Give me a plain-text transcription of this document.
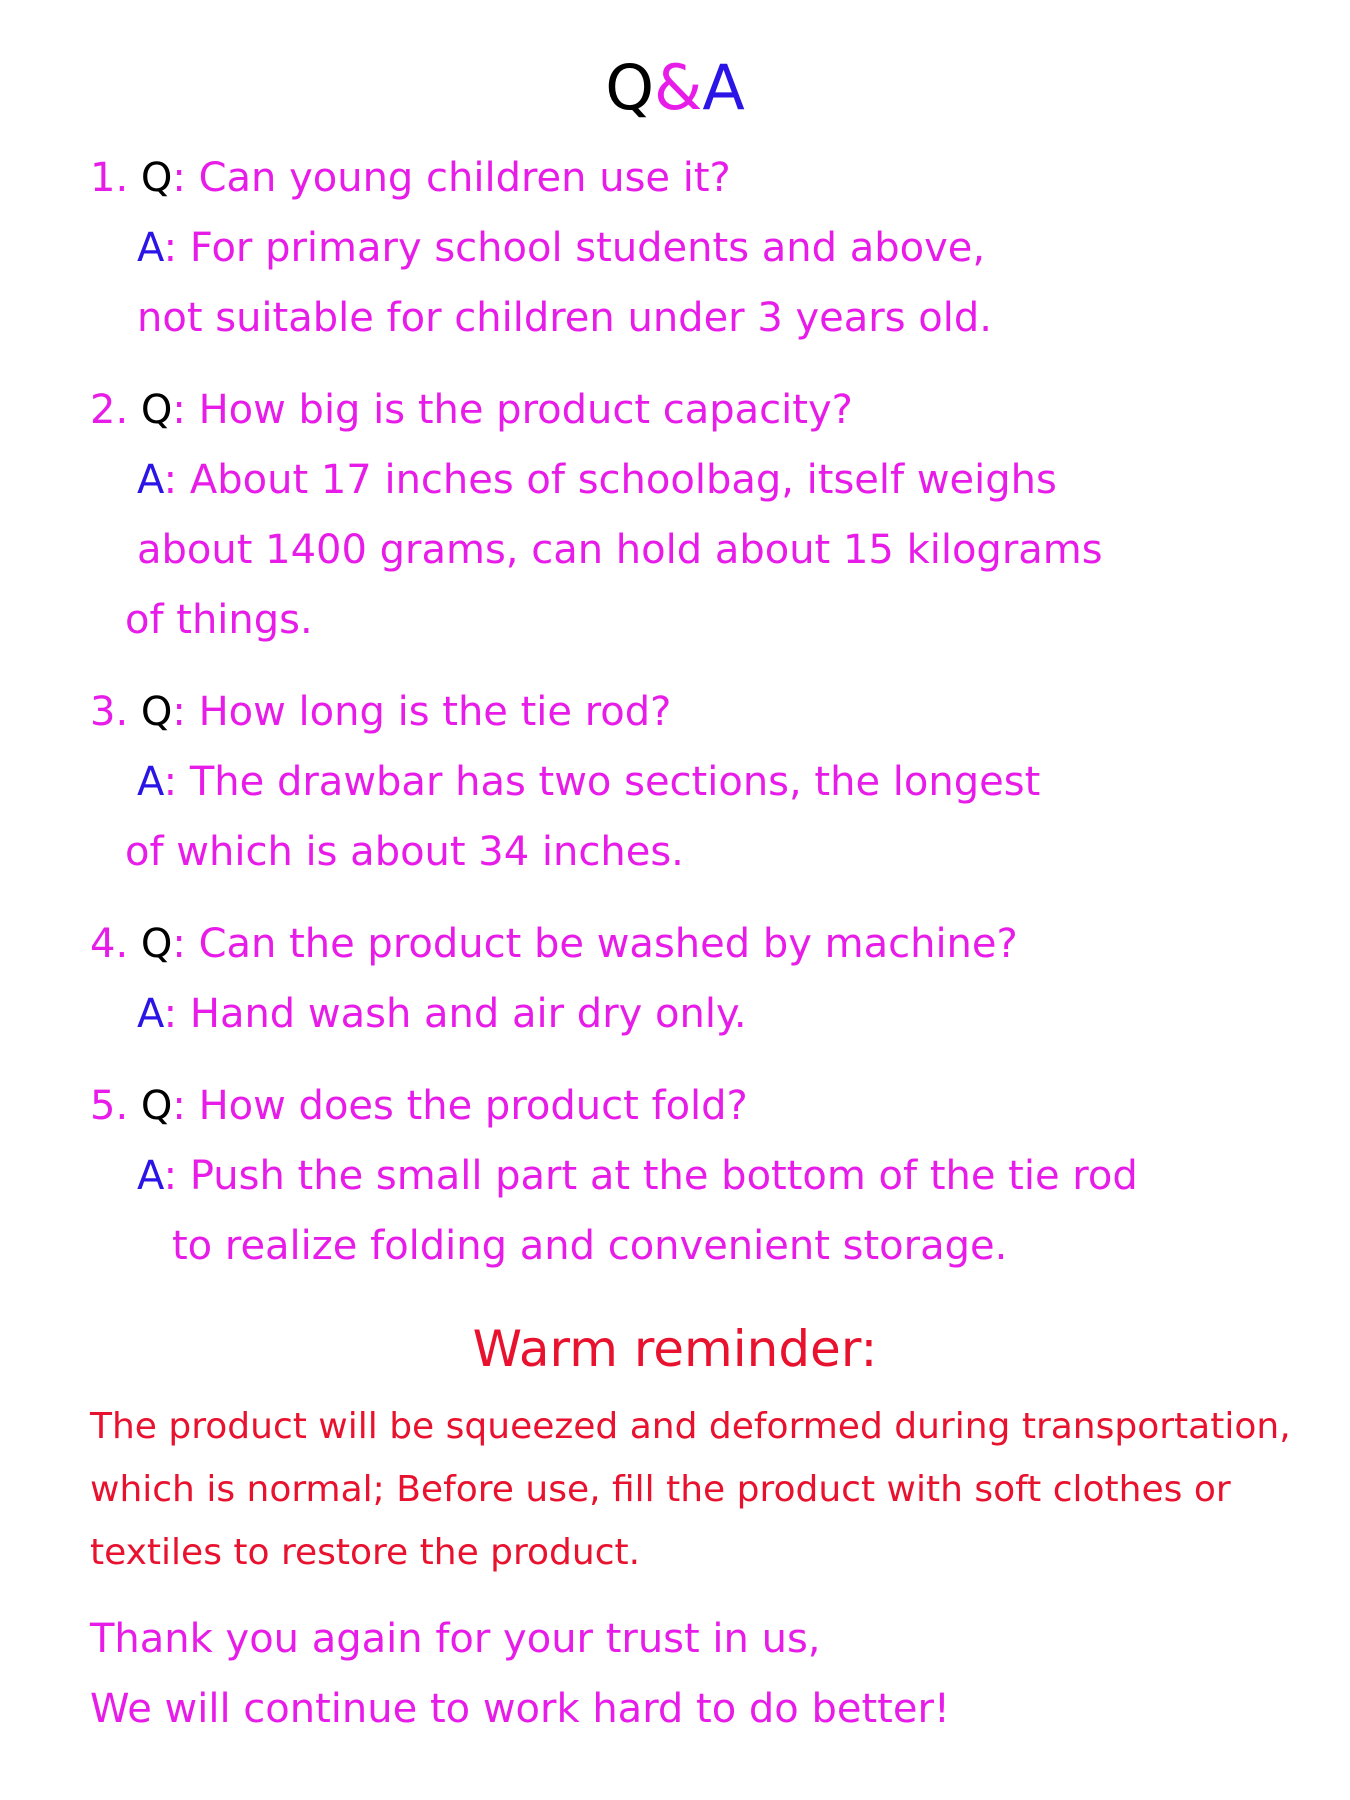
Q&A
1. Q: Can young children use it?
A: For primary school students and above,
not suitable for children under 3 years old.
2. Q: How big is the product capacity?
A: About 17 inches of schoolbag, itself weighs
about 1400 grams, can hold about 15 kilograms
of things.
3. Q: How long is the tie rod?
A: The drawbar has two sections, the longest
of which is about 34 inches.
4. Q: Can the product be washed by machine?
A: Hand wash and air dry only.
5. Q: How does the product fold?
A: Push the small part at the bottom of the tie rod
to realize folding and convenient storage.
Warm reminder:
The product will be squeezed and deformed during transportation,
which is normal; Before use, fill the product with soft clothes or
textiles to restore the product.
Thank you again for your trust in us,
We will continue to work hard to do better!
